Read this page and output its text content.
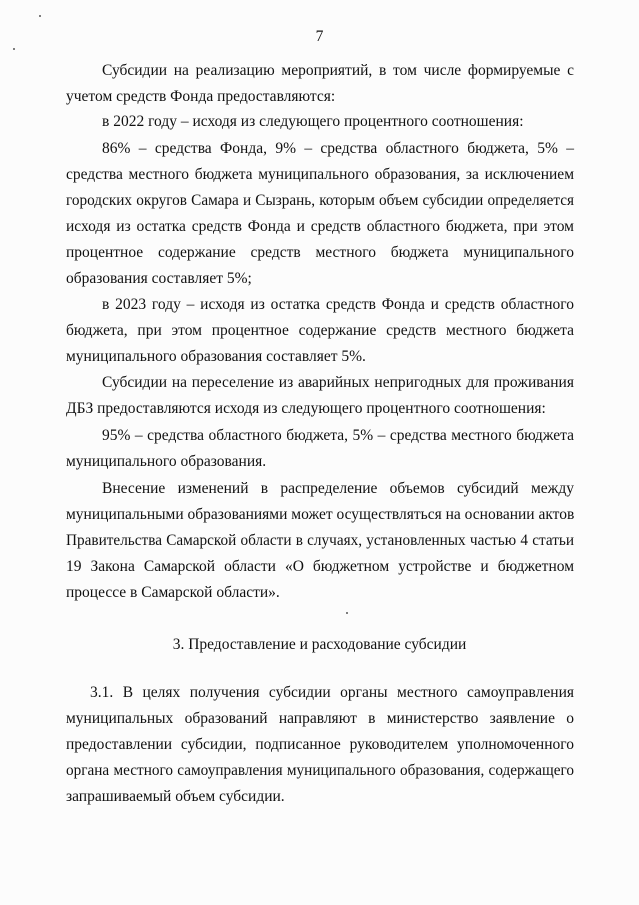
7
Субсидии на реализацию мероприятий, в том числе формируемые с
учетом средств Фонда предоставляются:
в 2022 году – исходя из следующего процентного соотношения:
86% – средства Фонда, 9% – средства областного бюджета, 5% –
средства местного бюджета муниципального образования, за исключением
городских округов Самара и Сызрань, которым объем субсидии определяется
исходя из остатка средств Фонда и средств областного бюджета, при этом
процентное содержание средств местного бюджета муниципального
образования составляет 5%;
в 2023 году – исходя из остатка средств Фонда и средств областного
бюджета, при этом процентное содержание средств местного бюджета
муниципального образования составляет 5%.
Субсидии на переселение из аварийных непригодных для проживания
ДБЗ предоставляются исходя из следующего процентного соотношения:
95% – средства областного бюджета, 5% – средства местного бюджета
муниципального образования.
Внесение изменений в распределение объемов субсидий между
муниципальными образованиями может осуществляться на основании актов
Правительства Самарской области в случаях, установленных частью 4 статьи
19 Закона Самарской области «О бюджетном устройстве и бюджетном
процессе в Самарской области».
3. Предоставление и расходование субсидии
3.1. В целях получения субсидии органы местного самоуправления
муниципальных образований направляют в министерство заявление о
предоставлении субсидии, подписанное руководителем уполномоченного
органа местного самоуправления муниципального образования, содержащего
запрашиваемый объем субсидии.
